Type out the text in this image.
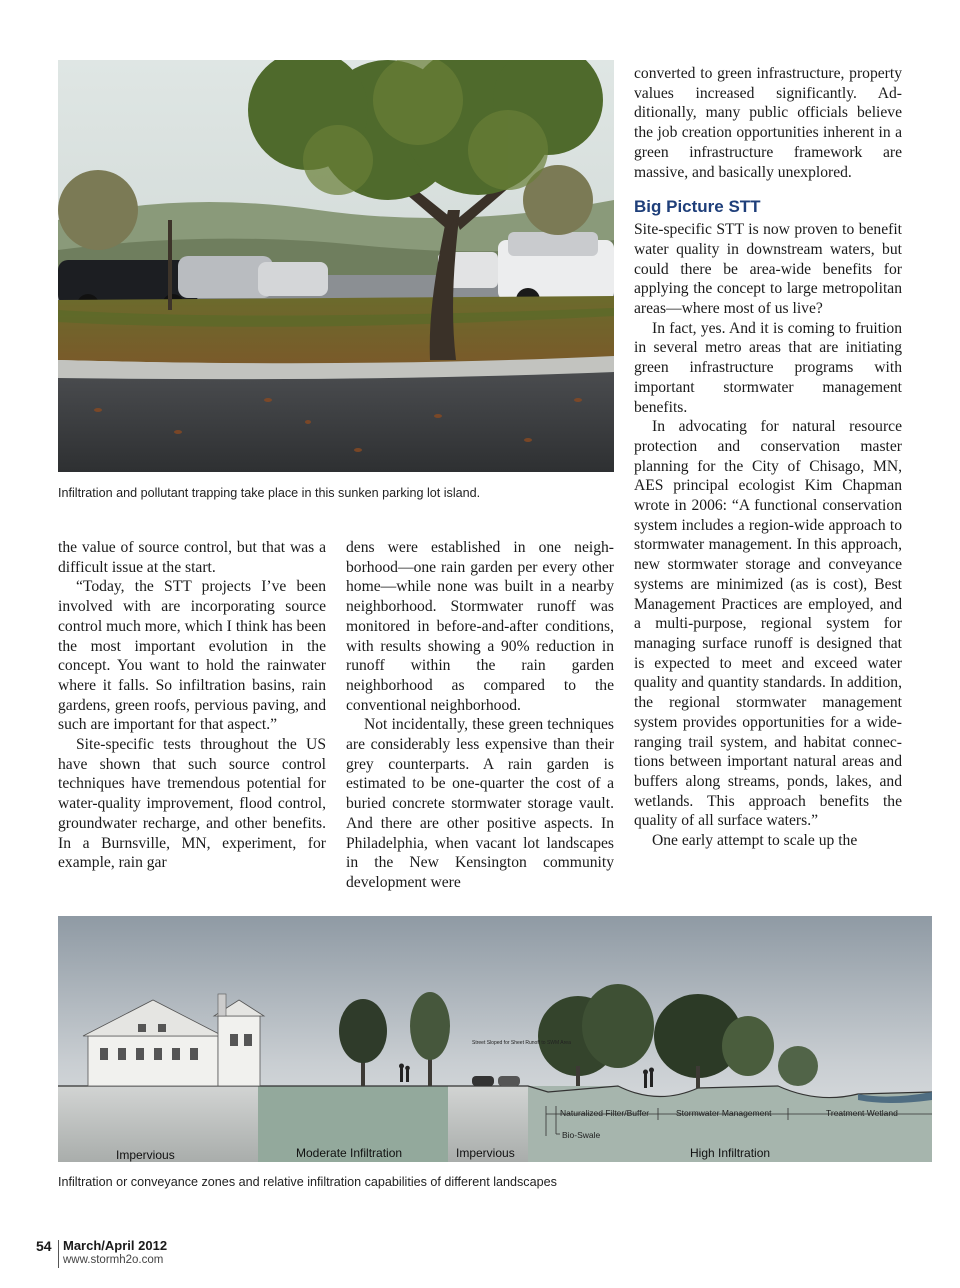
Infiltration and pollutant trapping take place in this sunken parking lot island.

the value of source control, but that was a difficult issue at the start.

“Today, the STT projects I’ve been involved with are incorporating source control much more, which I think has been the most important evolution in the concept. You want to hold the rainwater where it falls. So infiltration basins, rain gardens, green roofs, pervious paving, and such are important for that aspect.”

Site-specific tests throughout the US have shown that such source control techniques have tremendous potential for water-quality improvement, flood control, groundwater recharge, and other benefits. In a Burnsville, MN, experiment, for example, rain gar

dens were established in one neighborhood—one rain garden per every other home—while none was built in a nearby neighborhood. Stormwater runoff was monitored in before-and-after conditions, with results showing a 90% reduction in runoff within the rain garden neighborhood as compared to the conventional neighborhood.

Not incidentally, these green techniques are considerably less expensive than their grey counterparts. A rain garden is estimated to be one-quarter the cost of a buried concrete stormwater storage vault. And there are other positive aspects. In Philadelphia, when vacant lot landscapes in the New Kensington community development were

converted to green infrastructure, property values increased significantly. Additionally, many public officials believe the job creation opportunities inherent in a green infrastructure framework are massive, and basically unexplored.

Big Picture STT

Site-specific STT is now proven to benefit water quality in downstream waters, but could there be area-wide benefits for applying the concept to large metropolitan areas—where most of us live?

In fact, yes. And it is coming to fruition in several metro areas that are initiating green infrastructure programs with important stormwater management benefits.

In advocating for natural resource protection and conservation master planning for the City of Chisago, MN, AES principal ecologist Kim Chapman wrote in 2006: “A functional conservation system includes a region-wide approach to stormwater management. In this approach, new stormwater storage and conveyance systems are minimized (as is cost), Best Management Practices are employed, and a multi-purpose, regional system for managing surface runoff is designed that is expected to meet and exceed water quality and quantity standards. In addition, the regional stormwater management system provides opportunities for a wide-ranging trail system, and habitat connections between important natural areas and buffers along streams, ponds, lakes, and wetlands. This approach benefits the quality of all surface waters.”

One early attempt to scale up the

Street Sloped for Sheet Runoff to SWM Area
Naturalized Filter/Buffer	Stormwater Management	Treatment Wetland
Bio-Swale
Impervious	Moderate Infiltration	Impervious	High Infiltration
Infiltration or conveyance zones and relative infiltration capabilities of different landscapes
54 March/April 2012
www.stormh2o.com
